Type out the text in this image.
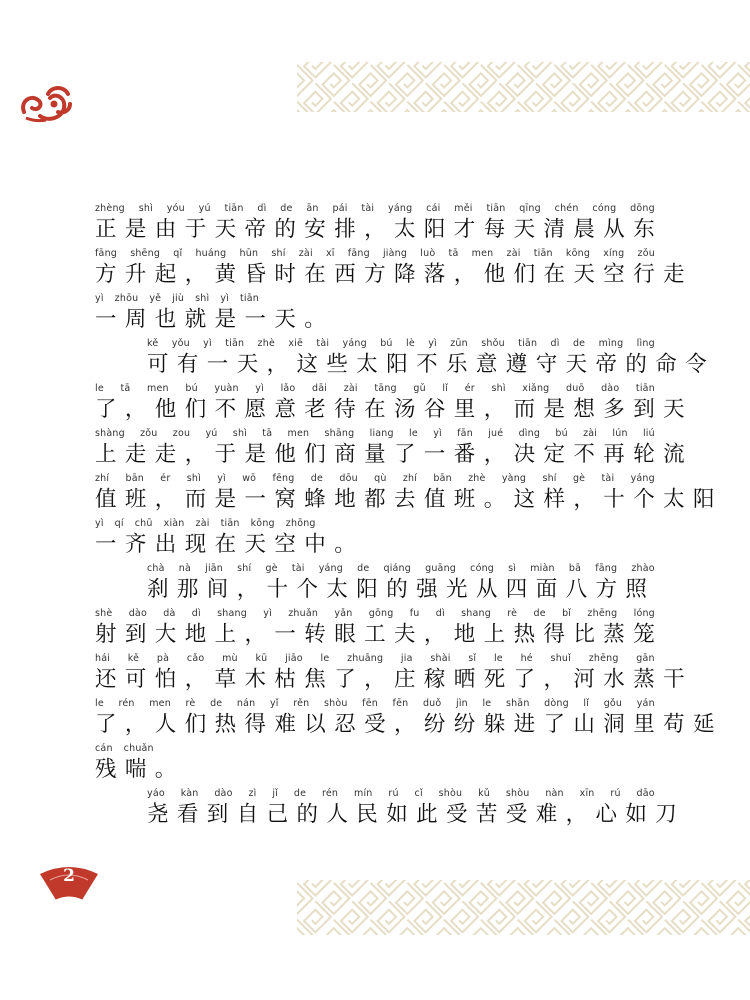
2
zhèng shì yóu yú tiān dì de ān pái tài yáng cái měi tiān qīng chén cóng dōng
正是由于天帝的安排，太阳才每天清晨从东
fāng shēng qǐ huáng hūn shí zài xī fāng jiàng luò tā men zài tiān kōng xíng zǒu
方升起，黄昏时在西方降落，他们在天空行走
yì zhōu yě jiù shì yì tiān
一周也就是一天。
kě yǒu yì tiān zhè xiē tài yáng bú lè yì zūn shǒu tiān dì de mìng lìng
可有一天，这些太阳不乐意遵守天帝的命令
le tā men bú yuàn yì lǎo dāi zài tāng gǔ lǐ ér shì xiǎng duō dào tiān
了，他们不愿意老待在汤谷里，而是想多到天
shàng zǒu zou yú shì tā men shāng liang le yì fān jué dìng bú zài lún liú
上走走，于是他们商量了一番，决定不再轮流
zhí bān ér shì yì wō fēng de dōu qù zhí bān zhè yàng shí gè tài yáng
值班，而是一窝蜂地都去值班。这样，十个太阳
yì qí chū xiàn zài tiān kōng zhōng
一齐出现在天空中。
chà nà jiān shí gè tài yáng de qiáng guāng cóng sì miàn bā fāng zhào
刹那间，十个太阳的强光从四面八方照
shè dào dà dì shang yì zhuǎn yǎn gōng fu dì shang rè de bǐ zhēng lóng
射到大地上，一转眼工夫，地上热得比蒸笼
hái kě pà cǎo mù kū jiāo le zhuāng jia shài sǐ le hé shuǐ zhēng gān
还可怕，草木枯焦了，庄稼晒死了，河水蒸干
le rén men rè de nán yǐ rěn shòu fēn fēn duǒ jìn le shān dòng lǐ gǒu yán
了，人们热得难以忍受，纷纷躲进了山洞里苟延
cán chuǎn
残喘。
yáo kàn dào zì jǐ de rén mín rú cǐ shòu kǔ shòu nàn xīn rú dāo
尧看到自己的人民如此受苦受难，心如刀
